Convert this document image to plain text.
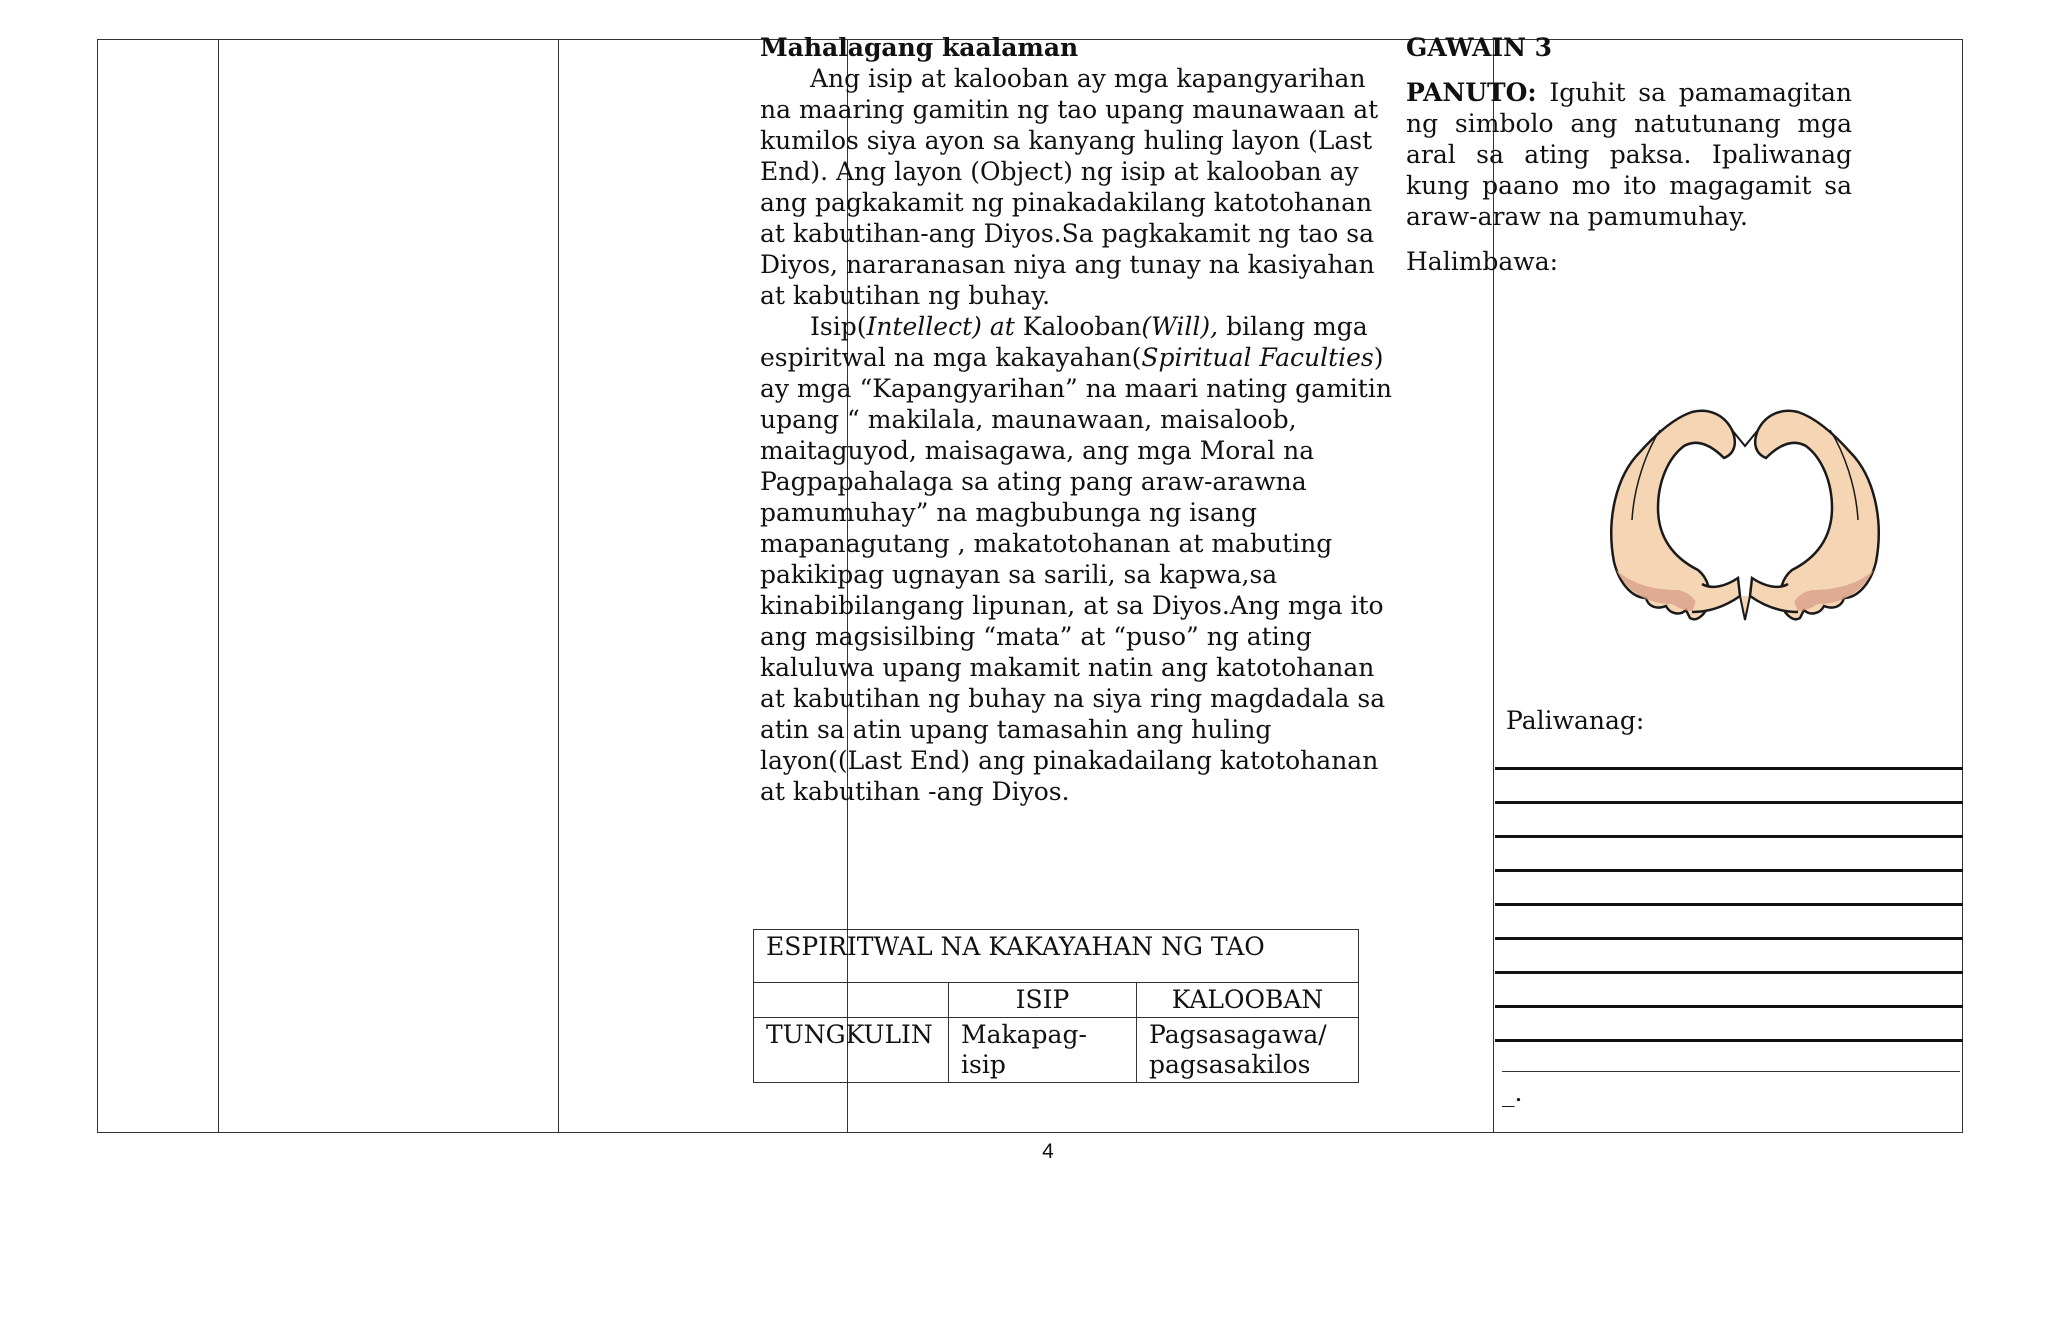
Mahalagang kaalaman

Ang isip at kalooban ay mga kapangyarihan na maaring gamitin ng tao upang maunawaan at kumilos siya ayon sa kanyang huling layon (Last End). Ang layon (Object) ng isip at kalooban ay ang pagkakamit ng pinakadakilang katotohanan at kabutihan-ang Diyos.Sa pagkakamit ng tao sa Diyos, nararanasan niya ang tunay na kasiyahan at kabutihan ng buhay.

Isip(Intellect) at Kalooban(Will), bilang mga espiritwal na mga kakayahan(Spiritual Faculties) ay mga “Kapangyarihan” na maari nating gamitin upang “ makilala, maunawaan, maisaloob, maitaguyod, maisagawa, ang mga Moral na Pagpapahalaga sa ating pang araw-arawna pamumuhay” na magbubunga ng isang mapanagutang , makatotohanan at mabuting pakikipag ugnayan sa sarili, sa kapwa,sa kinabibilangang lipunan, at sa Diyos.Ang mga ito ang magsisilbing “mata” at “puso” ng ating kaluluwa upang makamit natin ang katotohanan at kabutihan ng buhay na siya ring magdadala sa atin sa atin upang tamasahin ang huling layon((Last End) ang pinakadailang katotohanan at kabutihan -ang Diyos.

ESPIRITWAL NA KAKAYAHAN NG TAO		
	ISIP	KALOOBAN
TUNGKULIN	Makapag-isip	Pagsasagawa/ pagsasakilos

GAWAIN 3

PANUTO: Iguhit sa pamamagitan ng simbolo ang natutunang mga aral sa ating paksa. Ipaliwanag kung paano mo ito magagamit sa araw-araw na pamumuhay.

Halimbawa:

Paliwanag:
_.
4
